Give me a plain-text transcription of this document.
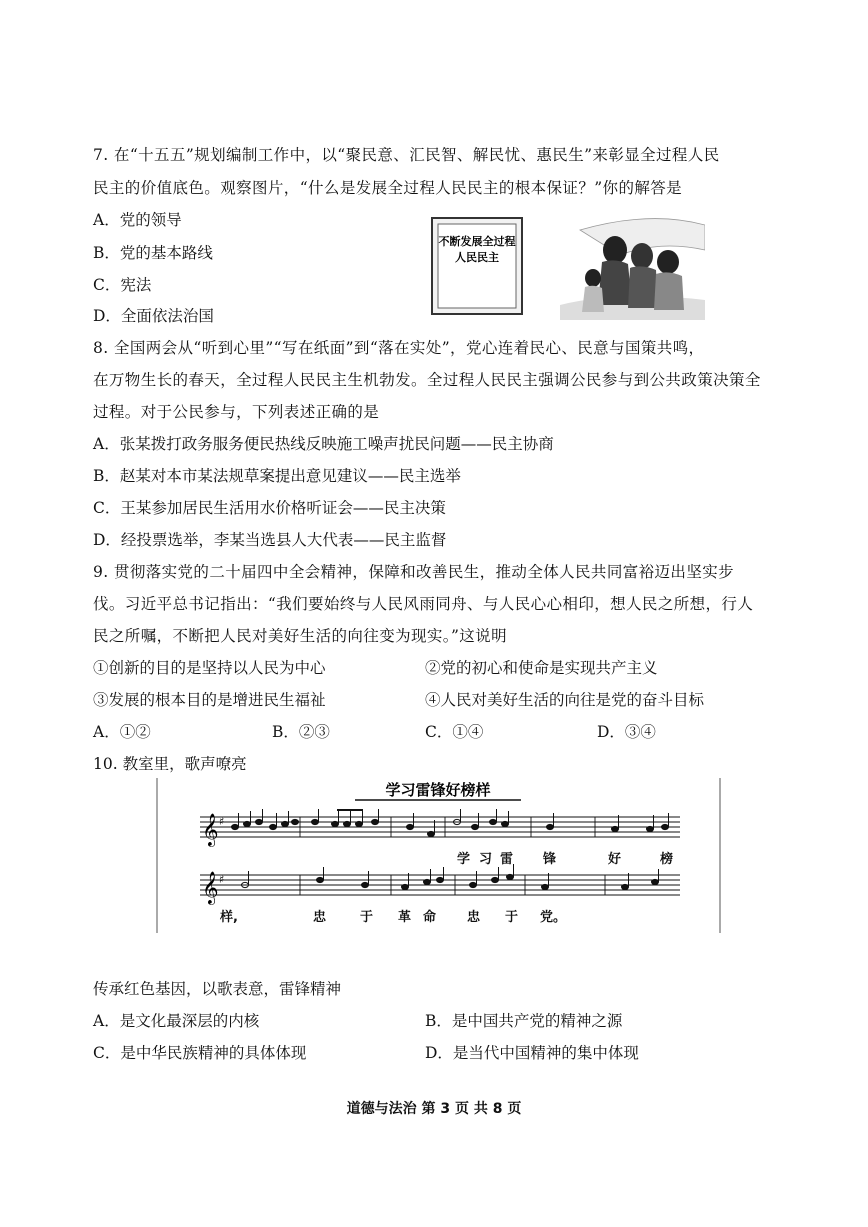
7. 在“十五五”规划编制工作中，以“聚民意、汇民智、解民忧、惠民生”来彰显全过程人民
民主的价值底色。观察图片，“什么是发展全过程人民民主的根本保证？”你的解答是
A．党的领导
B．党的基本路线
C．宪法
D．全面依法治国
不断发展全过程
人民民主
8. 全国两会从“听到心里”“写在纸面”到“落在实处”，党心连着民心、民意与国策共鸣，
在万物生长的春天，全过程人民民主生机勃发。全过程人民民主强调公民参与到公共政策决策全
过程。对于公民参与，下列表述正确的是
A．张某拨打政务服务便民热线反映施工噪声扰民问题——民主协商
B．赵某对本市某法规草案提出意见建议——民主选举
C．王某参加居民生活用水价格听证会——民主决策
D．经投票选举，李某当选县人大代表——民主监督
9. 贯彻落实党的二十届四中全会精神，保障和改善民生，推动全体人民共同富裕迈出坚实步
伐。习近平总书记指出：“我们要始终与人民风雨同舟、与人民心心相印，想人民之所想，行人
民之所嘱，不断把人民对美好生活的向往变为现实。”这说明
①创新的目的是坚持以人民为中心	②党的初心和使命是实现共产主义
③发展的根本目的是增进民生福祉	④人民对美好生活的向往是党的奋斗目标
A．①②	B．②③	C．①④	D．③④
10. 教室里，歌声嘹亮
学习雷锋好榜样
𝄞 ♯
学 习 雷 锋	好	榜
𝄞 ♯
样,	忠	于 革 命 忠 于 党。
传承红色基因，以歌表意，雷锋精神
A．是文化最深层的内核	B．是中国共产党的精神之源
C．是中华民族精神的具体体现	D．是当代中国精神的集中体现
道德与法治 第 3 页 共 8 页
